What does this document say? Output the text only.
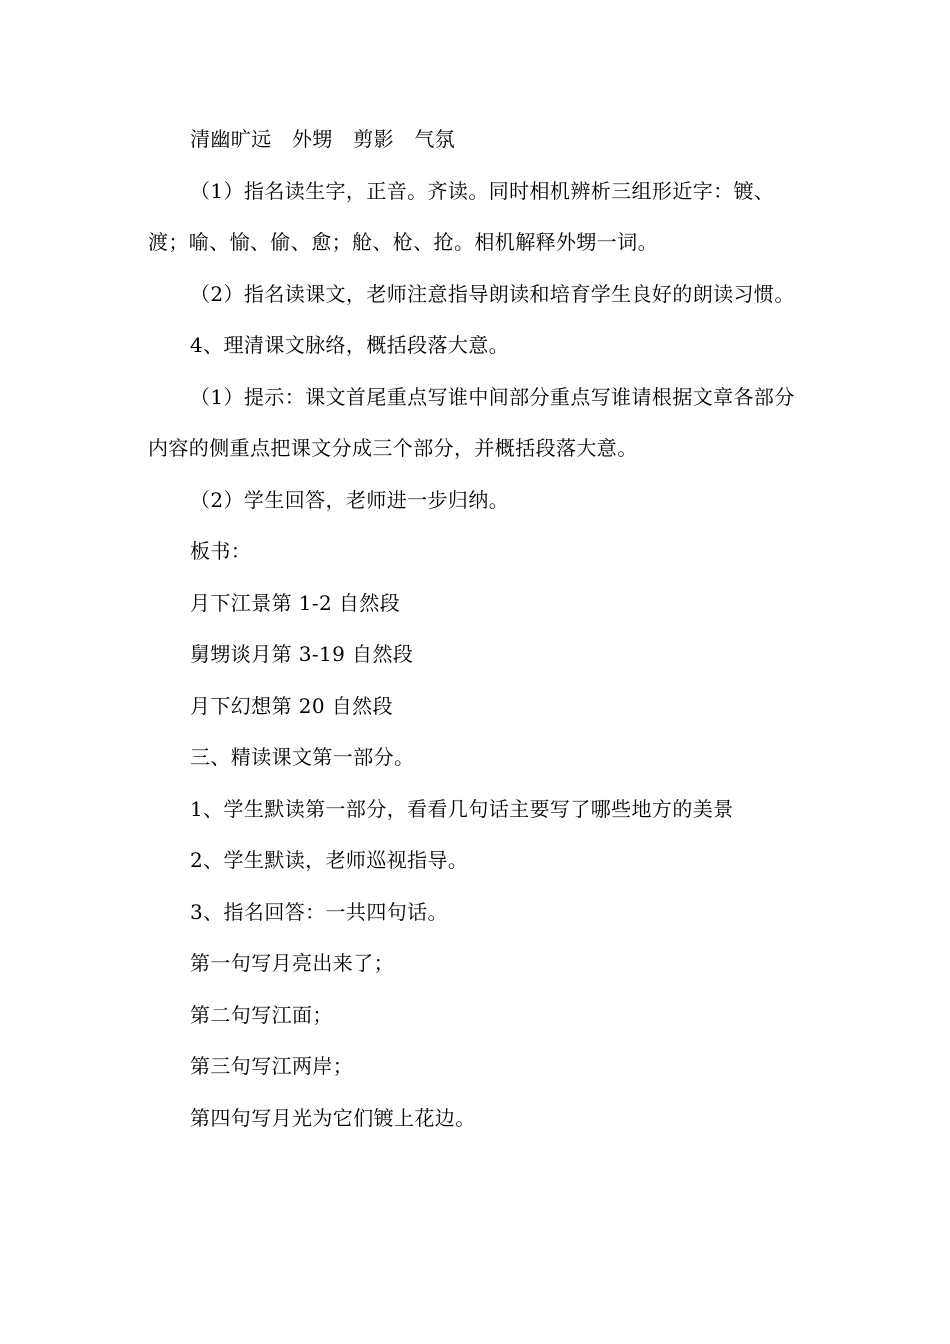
清幽旷远　外甥　剪影　气氛

（1）指名读生字，正音。齐读。同时相机辨析三组形近字：镀、渡；喻、愉、偷、愈；舱、枪、抢。相机解释外甥一词。

（2）指名读课文，老师注意指导朗读和培育学生良好的朗读习惯。

4、理清课文脉络，概括段落大意。

（1）提示：课文首尾重点写谁中间部分重点写谁请根据文章各部分内容的侧重点把课文分成三个部分，并概括段落大意。

（2）学生回答，老师进一步归纳。

板书：

月下江景第 1-2 自然段

舅甥谈月第 3-19 自然段

月下幻想第 20 自然段

三、精读课文第一部分。

1、学生默读第一部分，看看几句话主要写了哪些地方的美景

2、学生默读，老师巡视指导。

3、指名回答：一共四句话。

第一句写月亮出来了；

第二句写江面；

第三句写江两岸；

第四句写月光为它们镀上花边。
